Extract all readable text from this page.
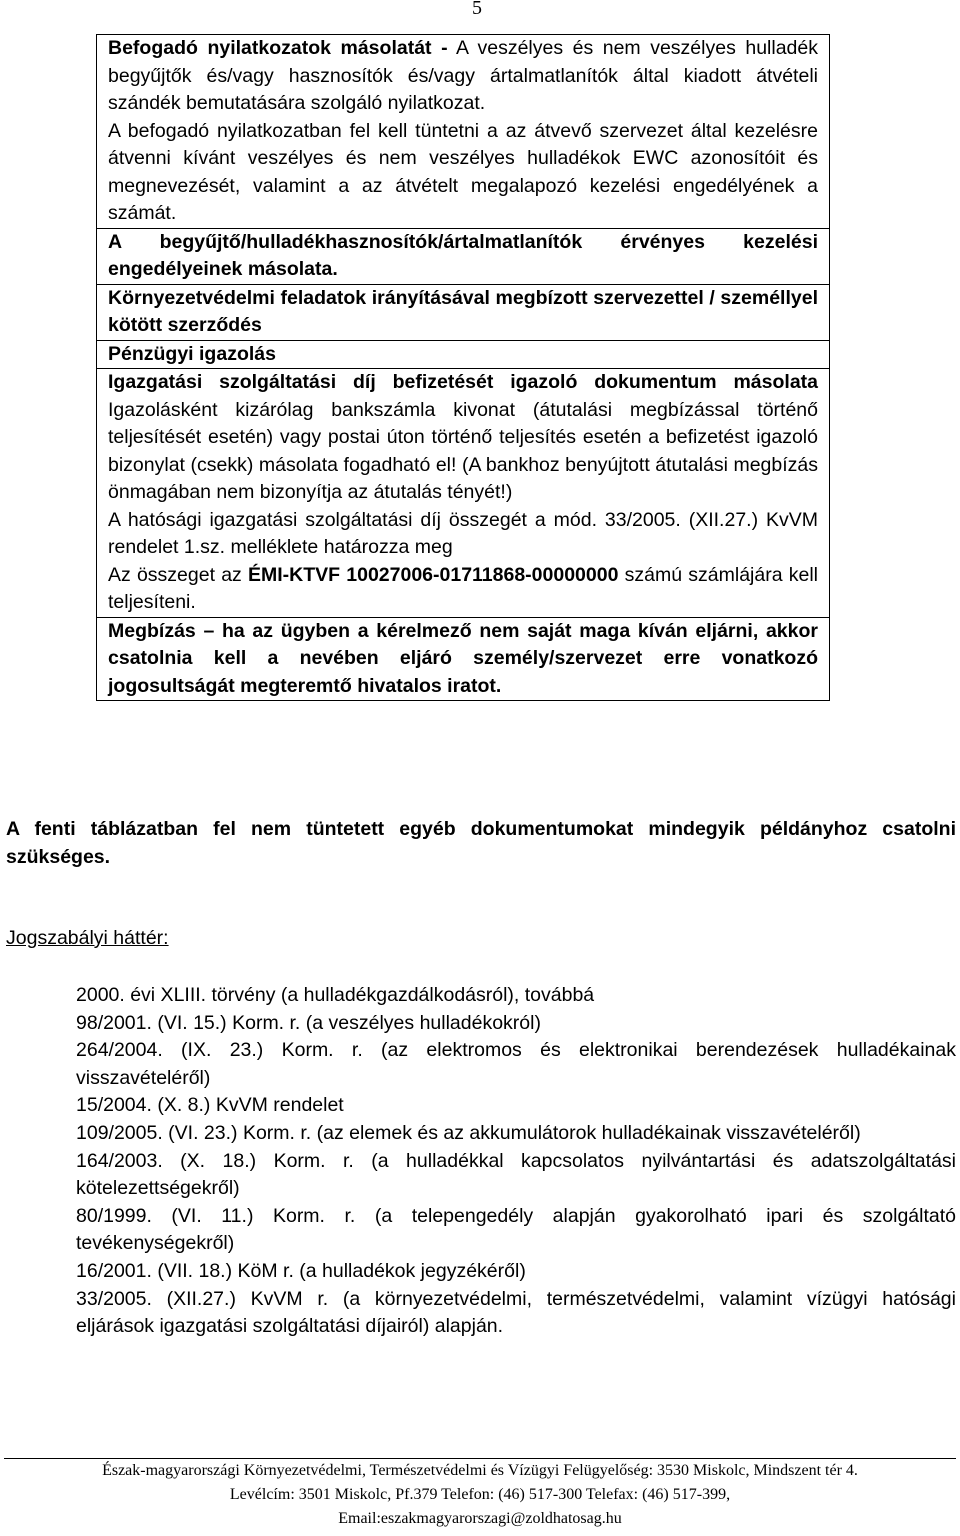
5
Befogadó nyilatkozatok másolatát - A veszélyes és nem veszélyes hulladék begyűjtők és/vagy hasznosítók és/vagy ártalmatlanítók által kiadott átvételi szándék bemutatására szolgáló nyilatkozat.
A befogadó nyilatkozatban fel kell tüntetni a az átvevő szervezet által kezelésre átvenni kívánt veszélyes és nem veszélyes hulladékok EWC azonosítóit és megnevezését, valamint a az átvételt megalapozó kezelési engedélyének a számát.
A begyűjtő/hulladékhasznosítók/ártalmatlanítók érvényes kezelési engedélyeinek másolata.
Környezetvédelmi feladatok irányításával megbízott szervezettel / személlyel kötött szerződés
Pénzügyi igazolás
Igazgatási szolgáltatási díj befizetését igazoló dokumentum másolata Igazolásként kizárólag bankszámla kivonat (átutalási megbízással történő teljesítését esetén) vagy postai úton történő teljesítés esetén a befizetést igazoló bizonylat (csekk) másolata fogadható el! (A bankhoz benyújtott átutalási megbízás önmagában nem bizonyítja az átutalás tényét!)
A hatósági igazgatási szolgáltatási díj összegét a mód. 33/2005. (XII.27.) KvVM rendelet 1.sz. melléklete határozza meg
Az összeget az ÉMI-KTVF 10027006-01711868-00000000 számú számlájára kell teljesíteni.
Megbízás – ha az ügyben a kérelmező nem saját maga kíván eljárni, akkor csatolnia kell a nevében eljáró személy/szervezet erre vonatkozó jogosultságát megteremtő hivatalos iratot.
A fenti táblázatban fel nem tüntetett egyéb dokumentumokat mindegyik példányhoz csatolni szükséges.
Jogszabályi háttér:
2000. évi XLIII. törvény (a hulladékgazdálkodásról), továbbá
98/2001. (VI. 15.) Korm. r. (a veszélyes hulladékokról)
264/2004. (IX. 23.) Korm. r. (az elektromos és elektronikai berendezések hulladékainak visszavételéről)
15/2004. (X. 8.) KvVM rendelet
109/2005. (VI. 23.) Korm. r. (az elemek és az akkumulátorok hulladékainak visszavételéről)
164/2003. (X. 18.) Korm. r. (a hulladékkal kapcsolatos nyilvántartási és adatszolgáltatási kötelezettségekről)
80/1999. (VI. 11.) Korm. r. (a telepengedély alapján gyakorolható ipari és szolgáltató tevékenységekről)
16/2001. (VII. 18.) KöM r. (a hulladékok jegyzékéről)
33/2005. (XII.27.) KvVM r. (a környezetvédelmi, természetvédelmi, valamint vízügyi hatósági eljárások igazgatási szolgáltatási díjairól) alapján.
Észak-magyarországi Környezetvédelmi, Természetvédelmi és Vízügyi Felügyelőség: 3530 Miskolc, Mindszent tér 4.
Levélcím: 3501 Miskolc, Pf.379 Telefon: (46) 517-300 Telefax: (46) 517-399,
Email:eszakmagyarorszagi@zoldhatosag.hu
